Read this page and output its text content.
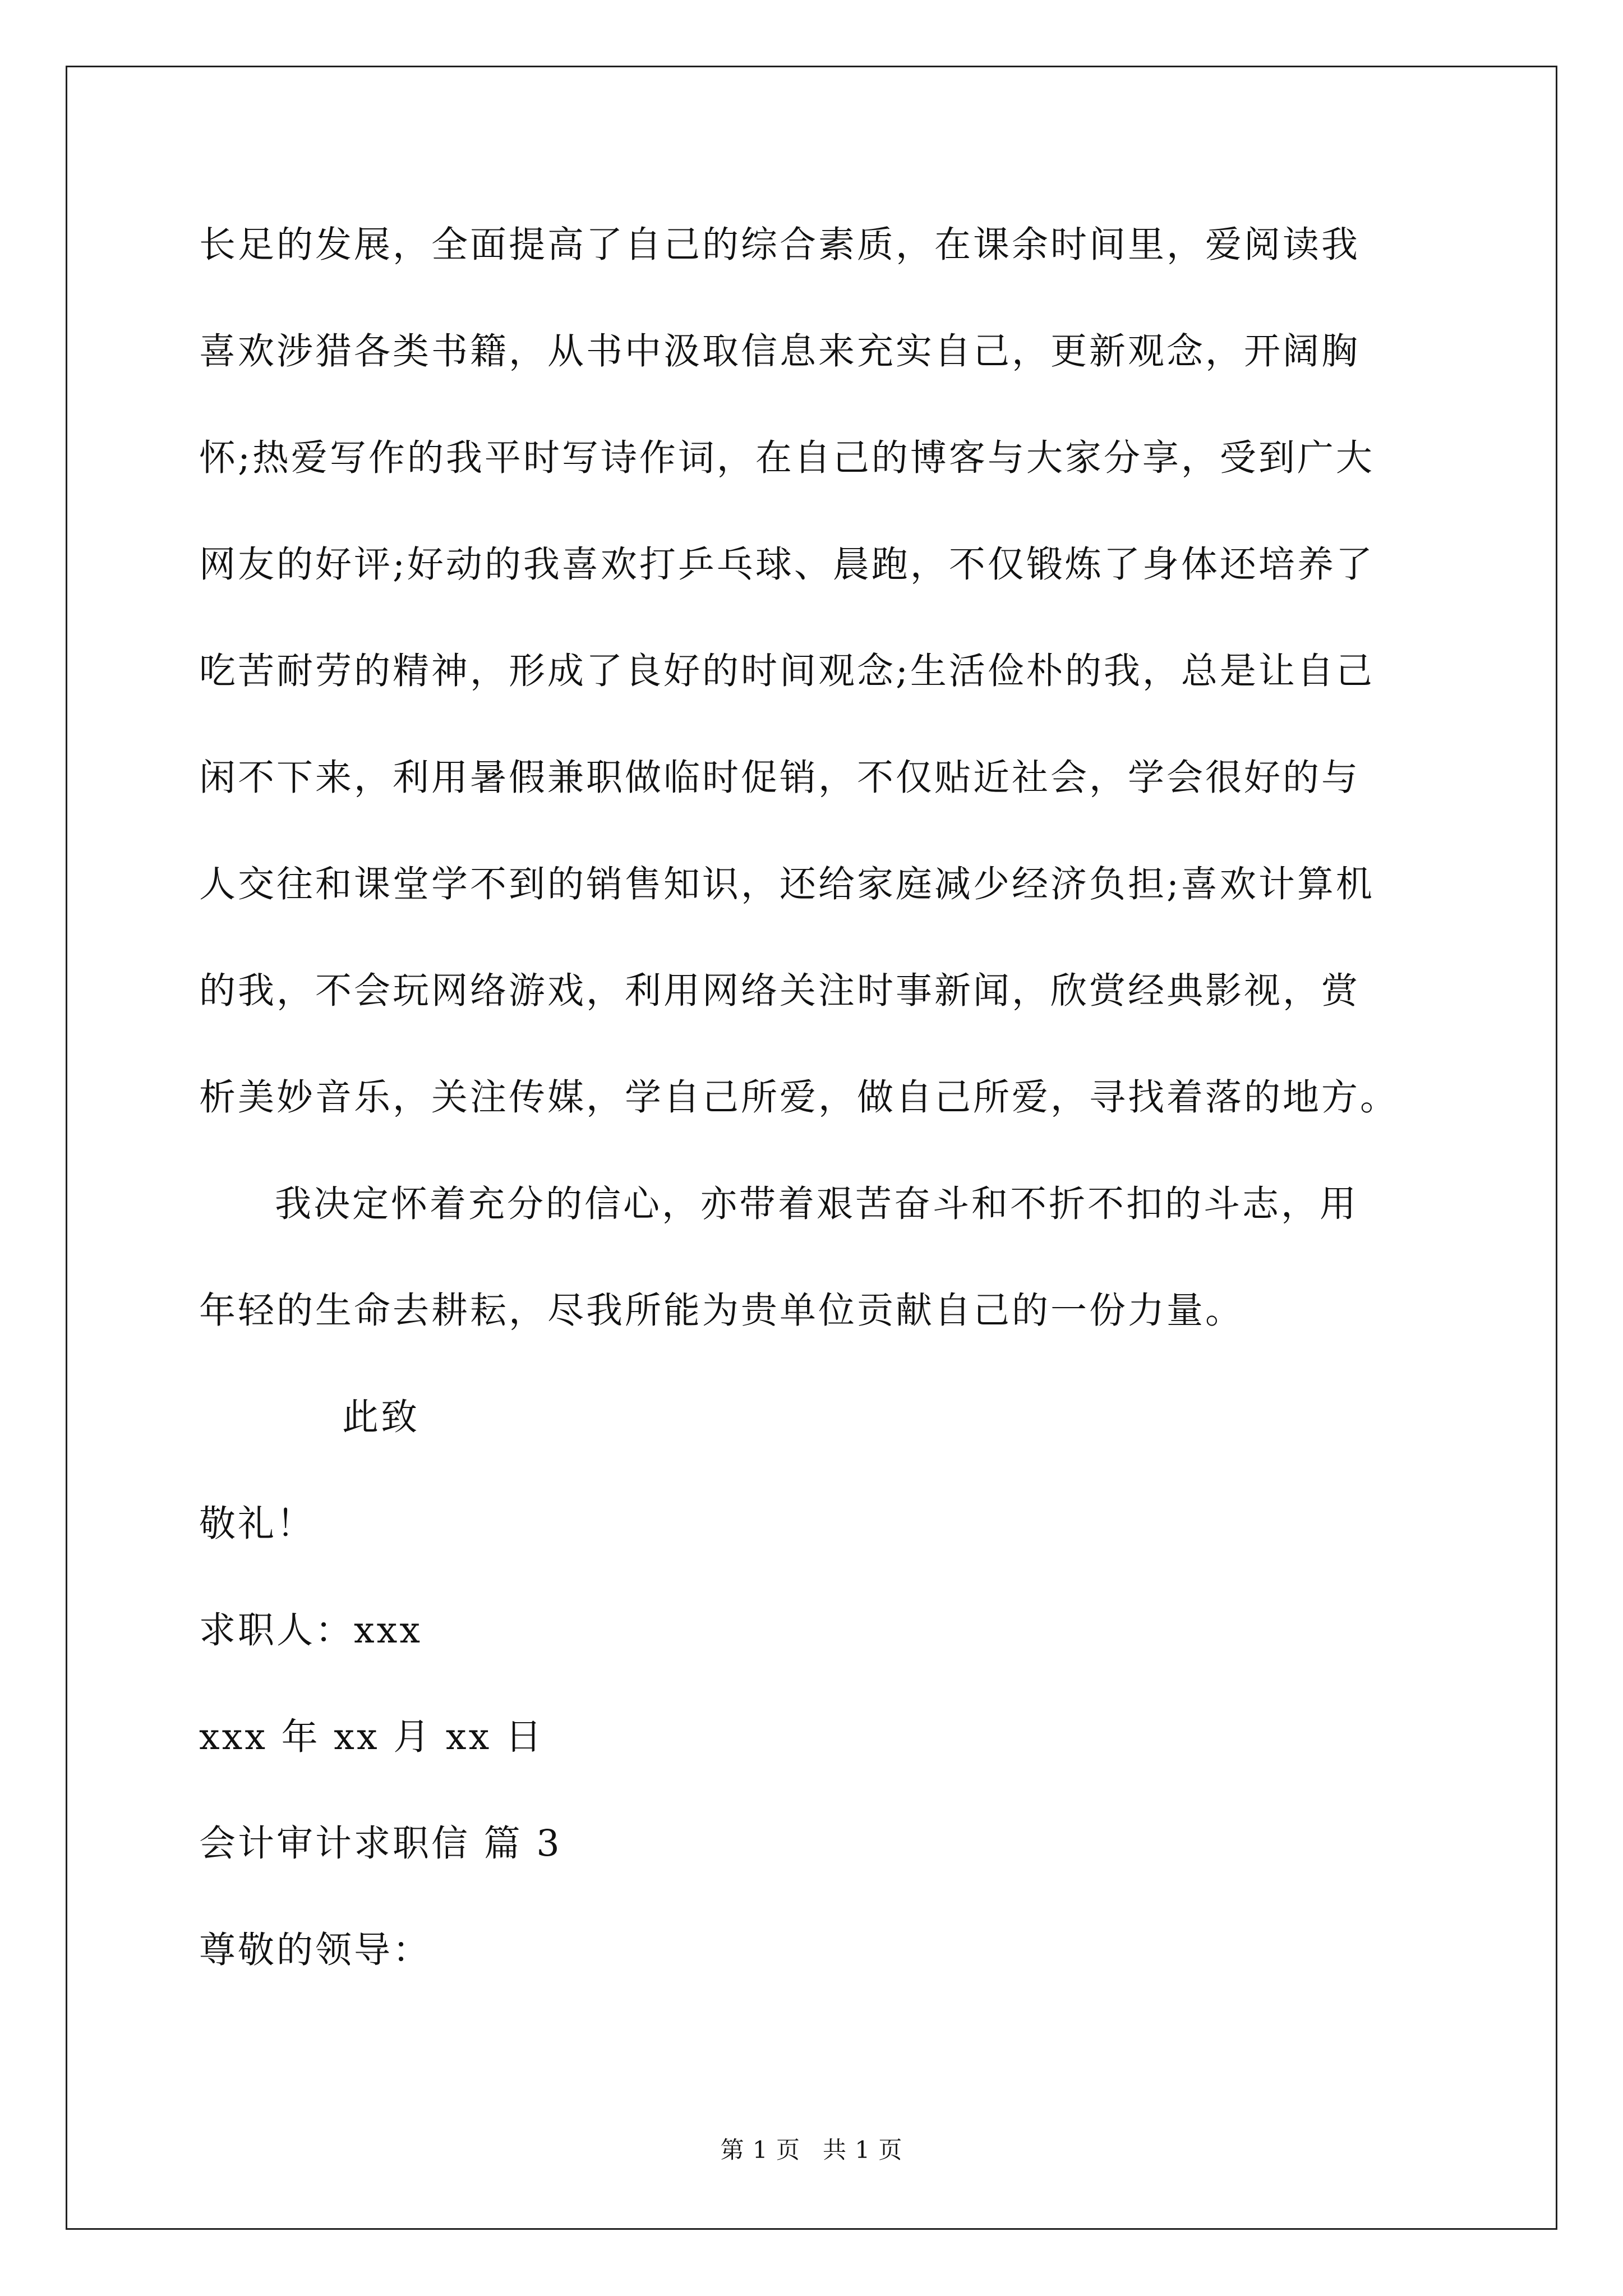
长足的发展，全面提高了自己的综合素质，在课余时间里，爱阅读我

喜欢涉猎各类书籍，从书中汲取信息来充实自己，更新观念，开阔胸

怀;热爱写作的我平时写诗作词，在自己的博客与大家分享，受到广大

网友的好评;好动的我喜欢打乒乓球、晨跑，不仅锻炼了身体还培养了

吃苦耐劳的精神，形成了良好的时间观念;生活俭朴的我，总是让自己

闲不下来，利用暑假兼职做临时促销，不仅贴近社会，学会很好的与

人交往和课堂学不到的销售知识，还给家庭减少经济负担;喜欢计算机

的我，不会玩网络游戏，利用网络关注时事新闻，欣赏经典影视，赏

析美妙音乐，关注传媒，学自己所爱，做自己所爱，寻找着落的地方。

我决定怀着充分的信心，亦带着艰苦奋斗和不折不扣的斗志，用

年轻的生命去耕耘，尽我所能为贵单位贡献自己的一份力量。

此致

敬礼！

求职人：xxx

xxx 年 xx 月 xx 日

会计审计求职信 篇 3

尊敬的领导：

第 1 页 共 1 页
